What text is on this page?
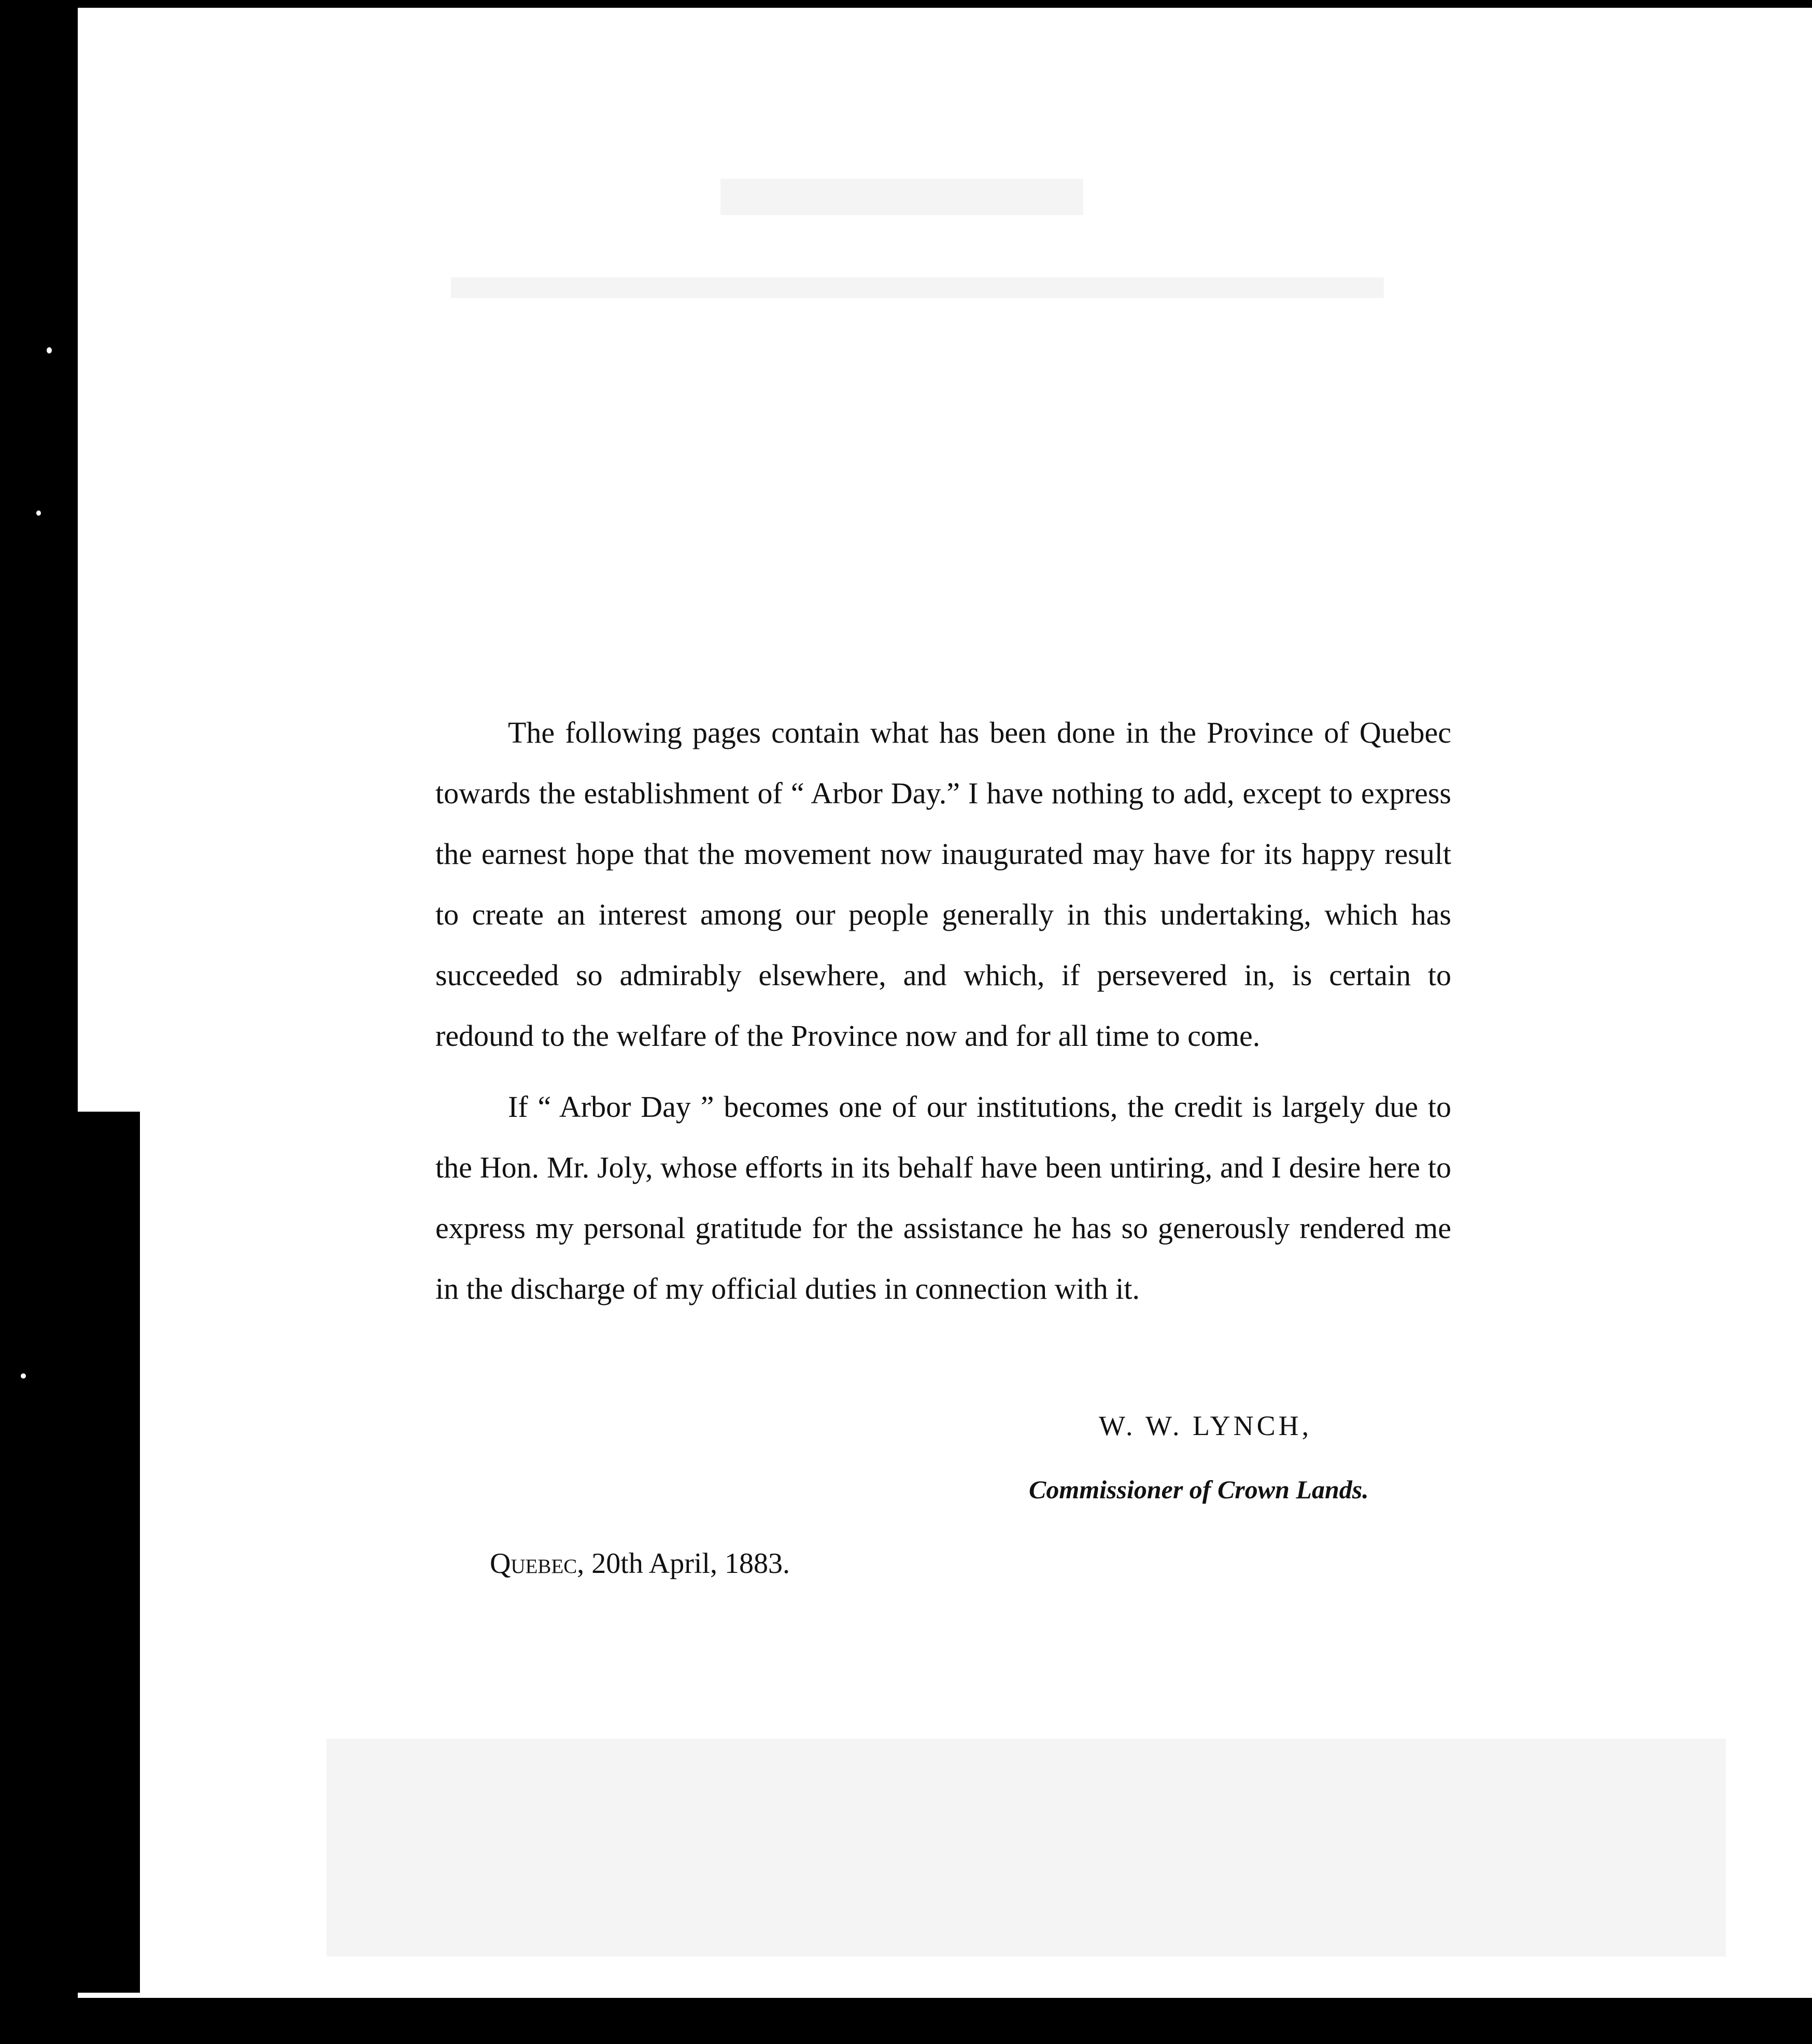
The following pages contain what has been done in the Province of Quebec towards the establishment of “ Arbor Day.” I have nothing to add, except to express the earnest hope that the movement now inaugurated may have for its happy result to create an interest among our people generally in this undertaking, which has succeeded so admirably elsewhere, and which, if persevered in, is certain to redound to the welfare of the Province now and for all time to come.

If “ Arbor Day ” becomes one of our institutions, the credit is largely due to the Hon. Mr. Joly, whose efforts in its behalf have been untiring, and I desire here to express my personal gratitude for the assistance he has so generously rendered me in the discharge of my official duties in connection with it.

W. W. LYNCH,
Commissioner of Crown Lands.
Quebec, 20th April, 1883.
